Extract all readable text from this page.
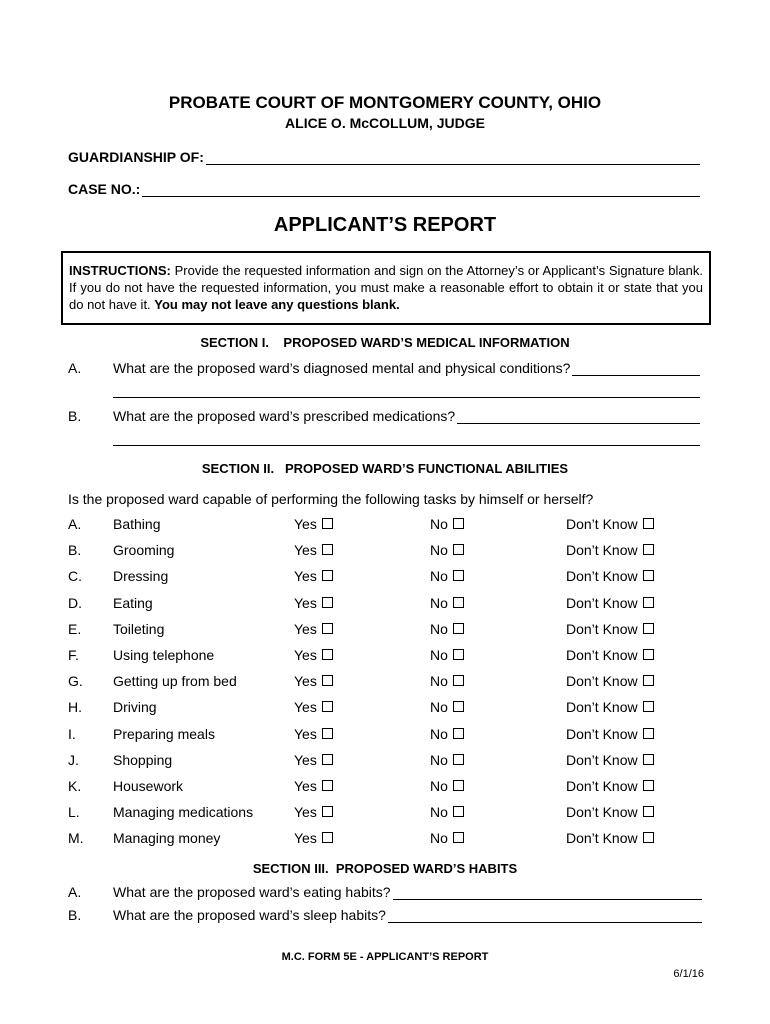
PROBATE COURT OF MONTGOMERY COUNTY, OHIO
ALICE O. McCOLLUM, JUDGE
GUARDIANSHIP OF:
CASE NO.:
APPLICANT’S REPORT
INSTRUCTIONS: Provide the requested information and sign on the Attorney’s or Applicant’s Signature blank. If you do not have the requested information, you must make a reasonable effort to obtain it or state that you do not have it. You may not leave any questions blank.
SECTION I.    PROPOSED WARD’S MEDICAL INFORMATION
A. What are the proposed ward’s diagnosed mental and physical conditions?
B. What are the proposed ward’s prescribed medications?
SECTION II.   PROPOSED WARD’S FUNCTIONAL ABILITIES
Is the proposed ward capable of performing the following tasks by himself or herself?
A. Bathing	Yes	No	Don’t Know
B. Grooming	Yes	No	Don’t Know
C. Dressing	Yes	No	Don’t Know
D. Eating	Yes	No	Don’t Know
E. Toileting	Yes	No	Don’t Know
F. Using telephone	Yes	No	Don’t Know
G. Getting up from bed	Yes	No	Don’t Know
H. Driving	Yes	No	Don’t Know
I.	Preparing meals	Yes	No	Don’t Know
J. Shopping	Yes	No	Don’t Know
K. Housework	Yes	No	Don’t Know
L. Managing medications	Yes	No	Don’t Know
M. Managing money	Yes	No	Don’t Know
SECTION III.  PROPOSED WARD’S HABITS
A. What are the proposed ward’s eating habits?
B. What are the proposed ward’s sleep habits?
M.C. FORM 5E - APPLICANT’S REPORT
6/1/16
